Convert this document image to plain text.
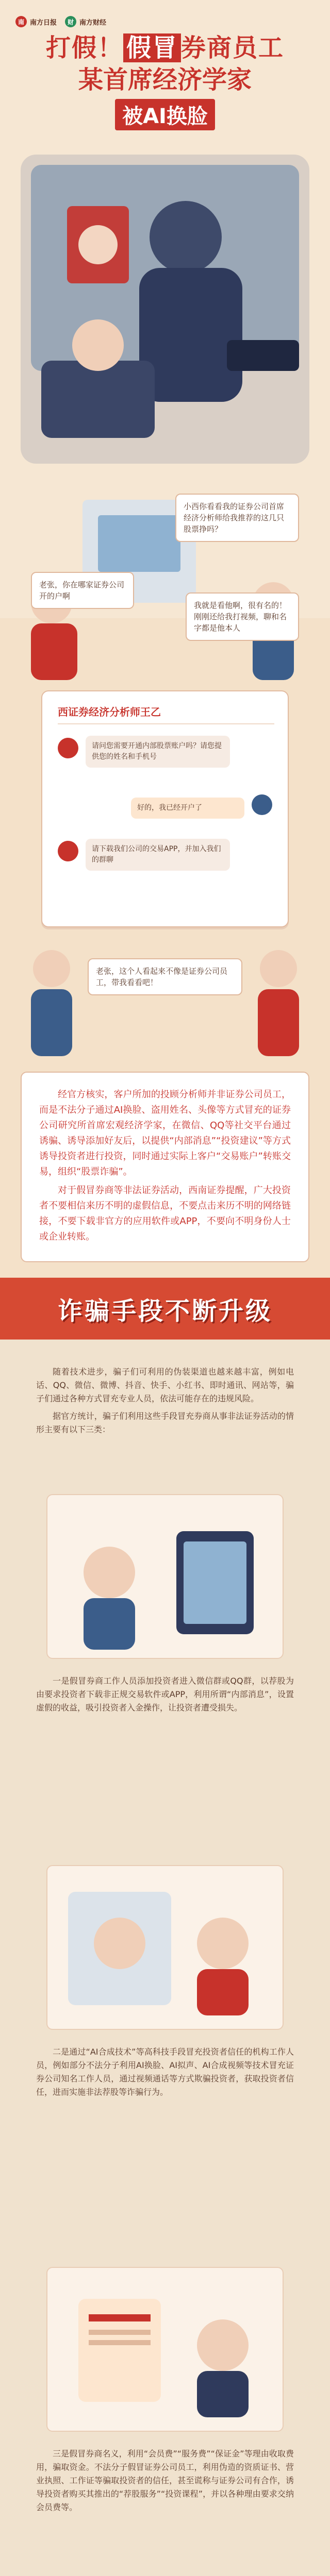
南 南方日报	财 南方财经
打假！ 假冒 券商员工
某首席经济学家
被AI换脸
小西你看看我的证券公司首席经济分析师给我推荐的这几只股票挣吗？
老张，你在哪家证券公司开的户啊
我就是看他啊，很有名的！刚刚还给我打视频，聊和名字都是他本人
西证券经济分析师王乙
请问您需要开通内部股票账户吗？请您提供您的姓名和手机号
好的，我已经开户了
请下载我们公司的交易APP，并加入我们的群聊
老张，这个人看起来不像是证券公司员工，带我看看吧！

经官方核实，客户所加的投顾分析师并非证券公司员工，而是不法分子通过AI换脸、盗用姓名、头像等方式冒充的证券公司研究所首席宏观经济学家，在微信、QQ等社交平台通过诱骗、诱导添加好友后，以提供“内部消息”“投资建议”等方式诱导投资者进行投资，同时通过实际上客户“交易账户”转账交易，组织“股票诈骗”。

对于假冒券商等非法证券活动，西南证券提醒，广大投资者不要相信来历不明的虚假信息，不要点击来历不明的网络链接，不要下载非官方的应用软件或APP，不要向不明身份人士或企业转账。

诈骗手段不断升级

随着技术进步，骗子们可利用的伪装渠道也越来越丰富，例如电话、QQ、微信、微博、抖音、快手、小红书、即时通讯、网站等，骗子们通过各种方式冒充专业人员，依法可能存在的违规风险。

据官方统计，骗子们利用这些手段冒充券商从事非法证券活动的情形主要有以下三类：

一是假冒券商工作人员添加投资者进入微信群或QQ群，以荐股为由要求投资者下载非正规交易软件或APP，利用所谓“内部消息”，设置虚假的收益，吸引投资者入金操作，让投资者遭受损失。

二是通过“AI合成技术”等高科技手段冒充投资者信任的机构工作人员，例如部分不法分子利用AI换脸、AI拟声、AI合成视频等技术冒充证券公司知名工作人员，通过视频通话等方式欺骗投资者，获取投资者信任，进而实施非法荐股等诈骗行为。

三是假冒券商名义，利用“会员费”“服务费”“保证金”等理由收取费用，骗取资金。不法分子假冒证券公司员工，利用伪造的资质证书、营业执照、工作证等骗取投资者的信任，甚至谎称与证券公司有合作，诱导投资者购买其推出的“荐股服务”“投资课程”，并以各种理由要求交纳会员费等。
